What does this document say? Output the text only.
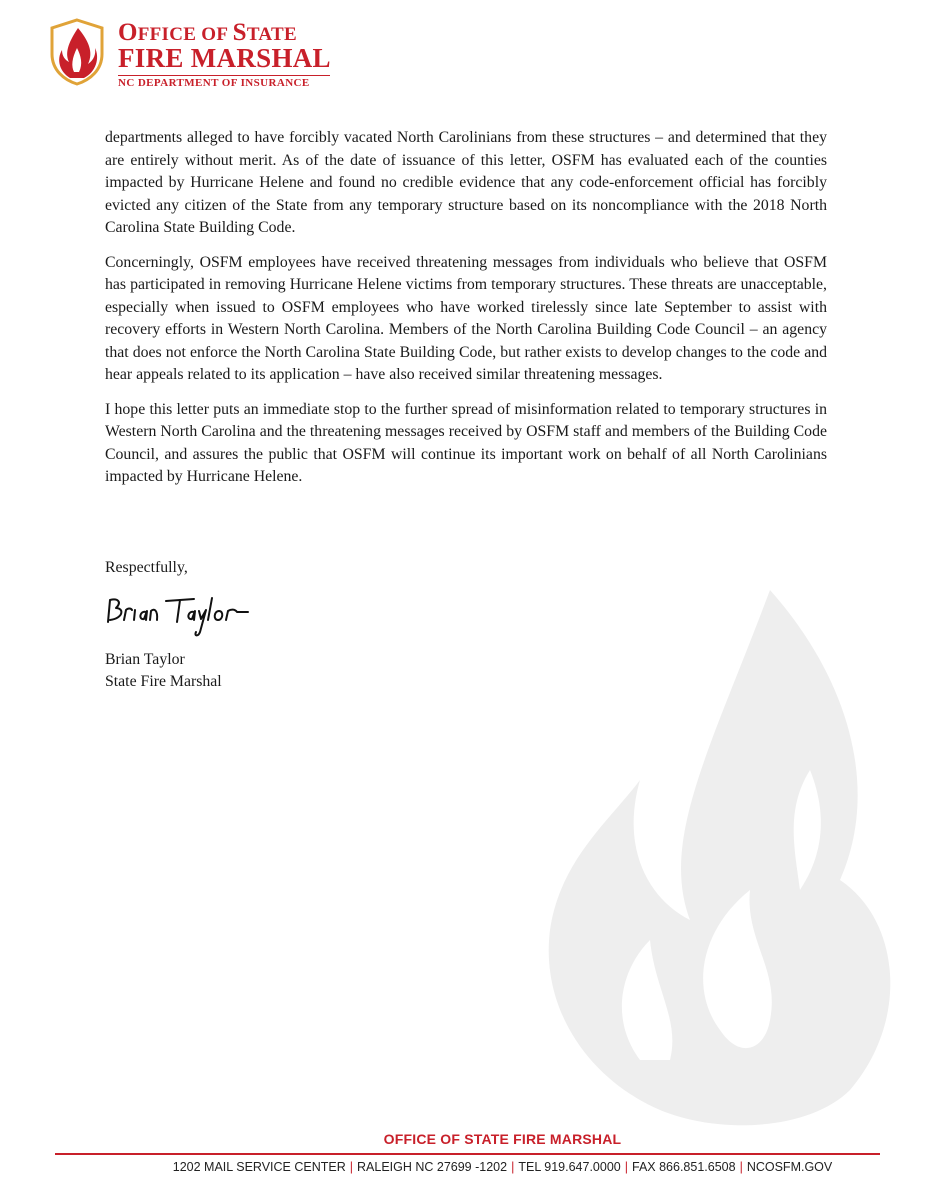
OFFICE OF STATE
FIRE MARSHAL
NC DEPARTMENT OF INSURANCE

departments alleged to have forcibly vacated North Carolinians from these structures – and determined that they are entirely without merit. As of the date of issuance of this letter, OSFM has evaluated each of the counties impacted by Hurricane Helene and found no credible evidence that any code-enforcement official has forcibly evicted any citizen of the State from any temporary structure based on its noncompliance with the 2018 North Carolina State Building Code.

Concerningly, OSFM employees have received threatening messages from individuals who believe that OSFM has participated in removing Hurricane Helene victims from temporary structures. These threats are unacceptable, especially when issued to OSFM employees who have worked tirelessly since late September to assist with recovery efforts in Western North Carolina. Members of the North Carolina Building Code Council – an agency that does not enforce the North Carolina State Building Code, but rather exists to develop changes to the code and hear appeals related to its application – have also received similar threatening messages.

I hope this letter puts an immediate stop to the further spread of misinformation related to temporary structures in Western North Carolina and the threatening messages received by OSFM staff and members of the Building Code Council, and assures the public that OSFM will continue its important work on behalf of all North Carolinians impacted by Hurricane Helene.

Respectfully,
Brian Taylor
State Fire Marshal
OFFICE OF STATE FIRE MARSHAL
1202 MAIL SERVICE CENTER | RALEIGH NC 27699 -1202 | TEL 919.647.0000 | FAX 866.851.6508 | NCOSFM.GOV
